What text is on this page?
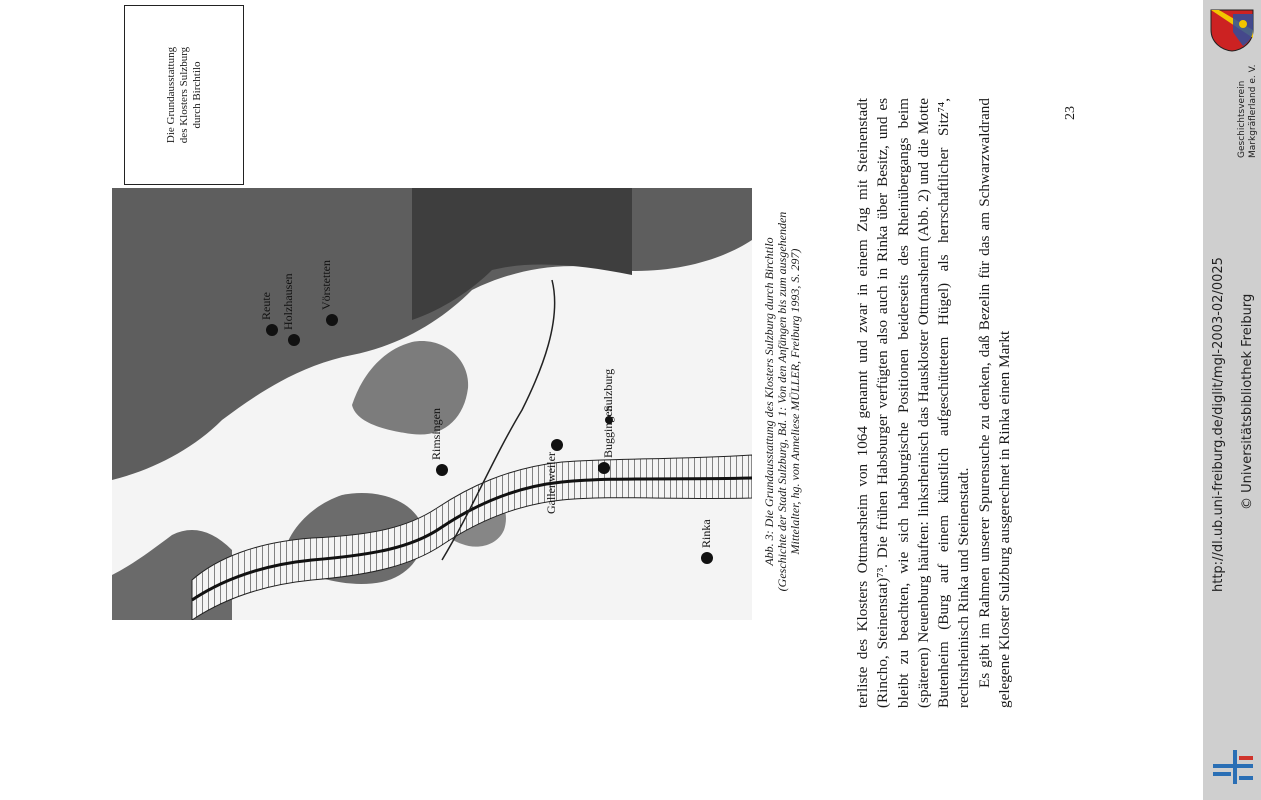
Reute Holzhausen Vörstetten
Rimsingen
Gallenweiler
Sulzburg
Buggingen
Rinka
Die Grundausstattung des Klosters Sulzburg durch Birchtilo
Abb. 3: Die Grundausstattung des Klosters Sulzburg durch Birchtilo (Geschichte der Stadt Sulzburg, Bd. 1: Von den Anfängen bis zum ausgehenden Mittelalter, hg. von Anneliese MÜLLER, Freiburg 1993, S. 297)	terliste des Klosters Ottmarsheim von 1064 genannt und zwar in einem Zug mit Steinenstadt (Rincho, Steinenstat)⁷³. Die frühen Habsburger verfügten also auch in Rinka über Besitz, und es bleibt zu beachten, wie sich habsburgische Positionen beiderseits des Rheinübergangs beim (späteren) Neuenburg häuften: linksrheinisch das Hauskloster Ottmarsheim (Abb. 2) und die Motte Butenheim (Burg auf einem künstlich aufgeschüttetem Hügel) als herrschaftlicher Sitz⁷⁴, rechtsrheinisch Rinka und Steinenstadt. Es gibt im Rahmen unserer Spurensuche zu denken, daß Bezelin für das am Schwarzwaldrand gelegene Kloster Sulzburg ausgerechnet in Rinka einen Markt

23	Geschichtsverein Markgräflerland e. V.
http://dl.ub.uni-freiburg.de/diglit/mgl-2003-02/0025 © Universitätsbibliothek Freiburg
